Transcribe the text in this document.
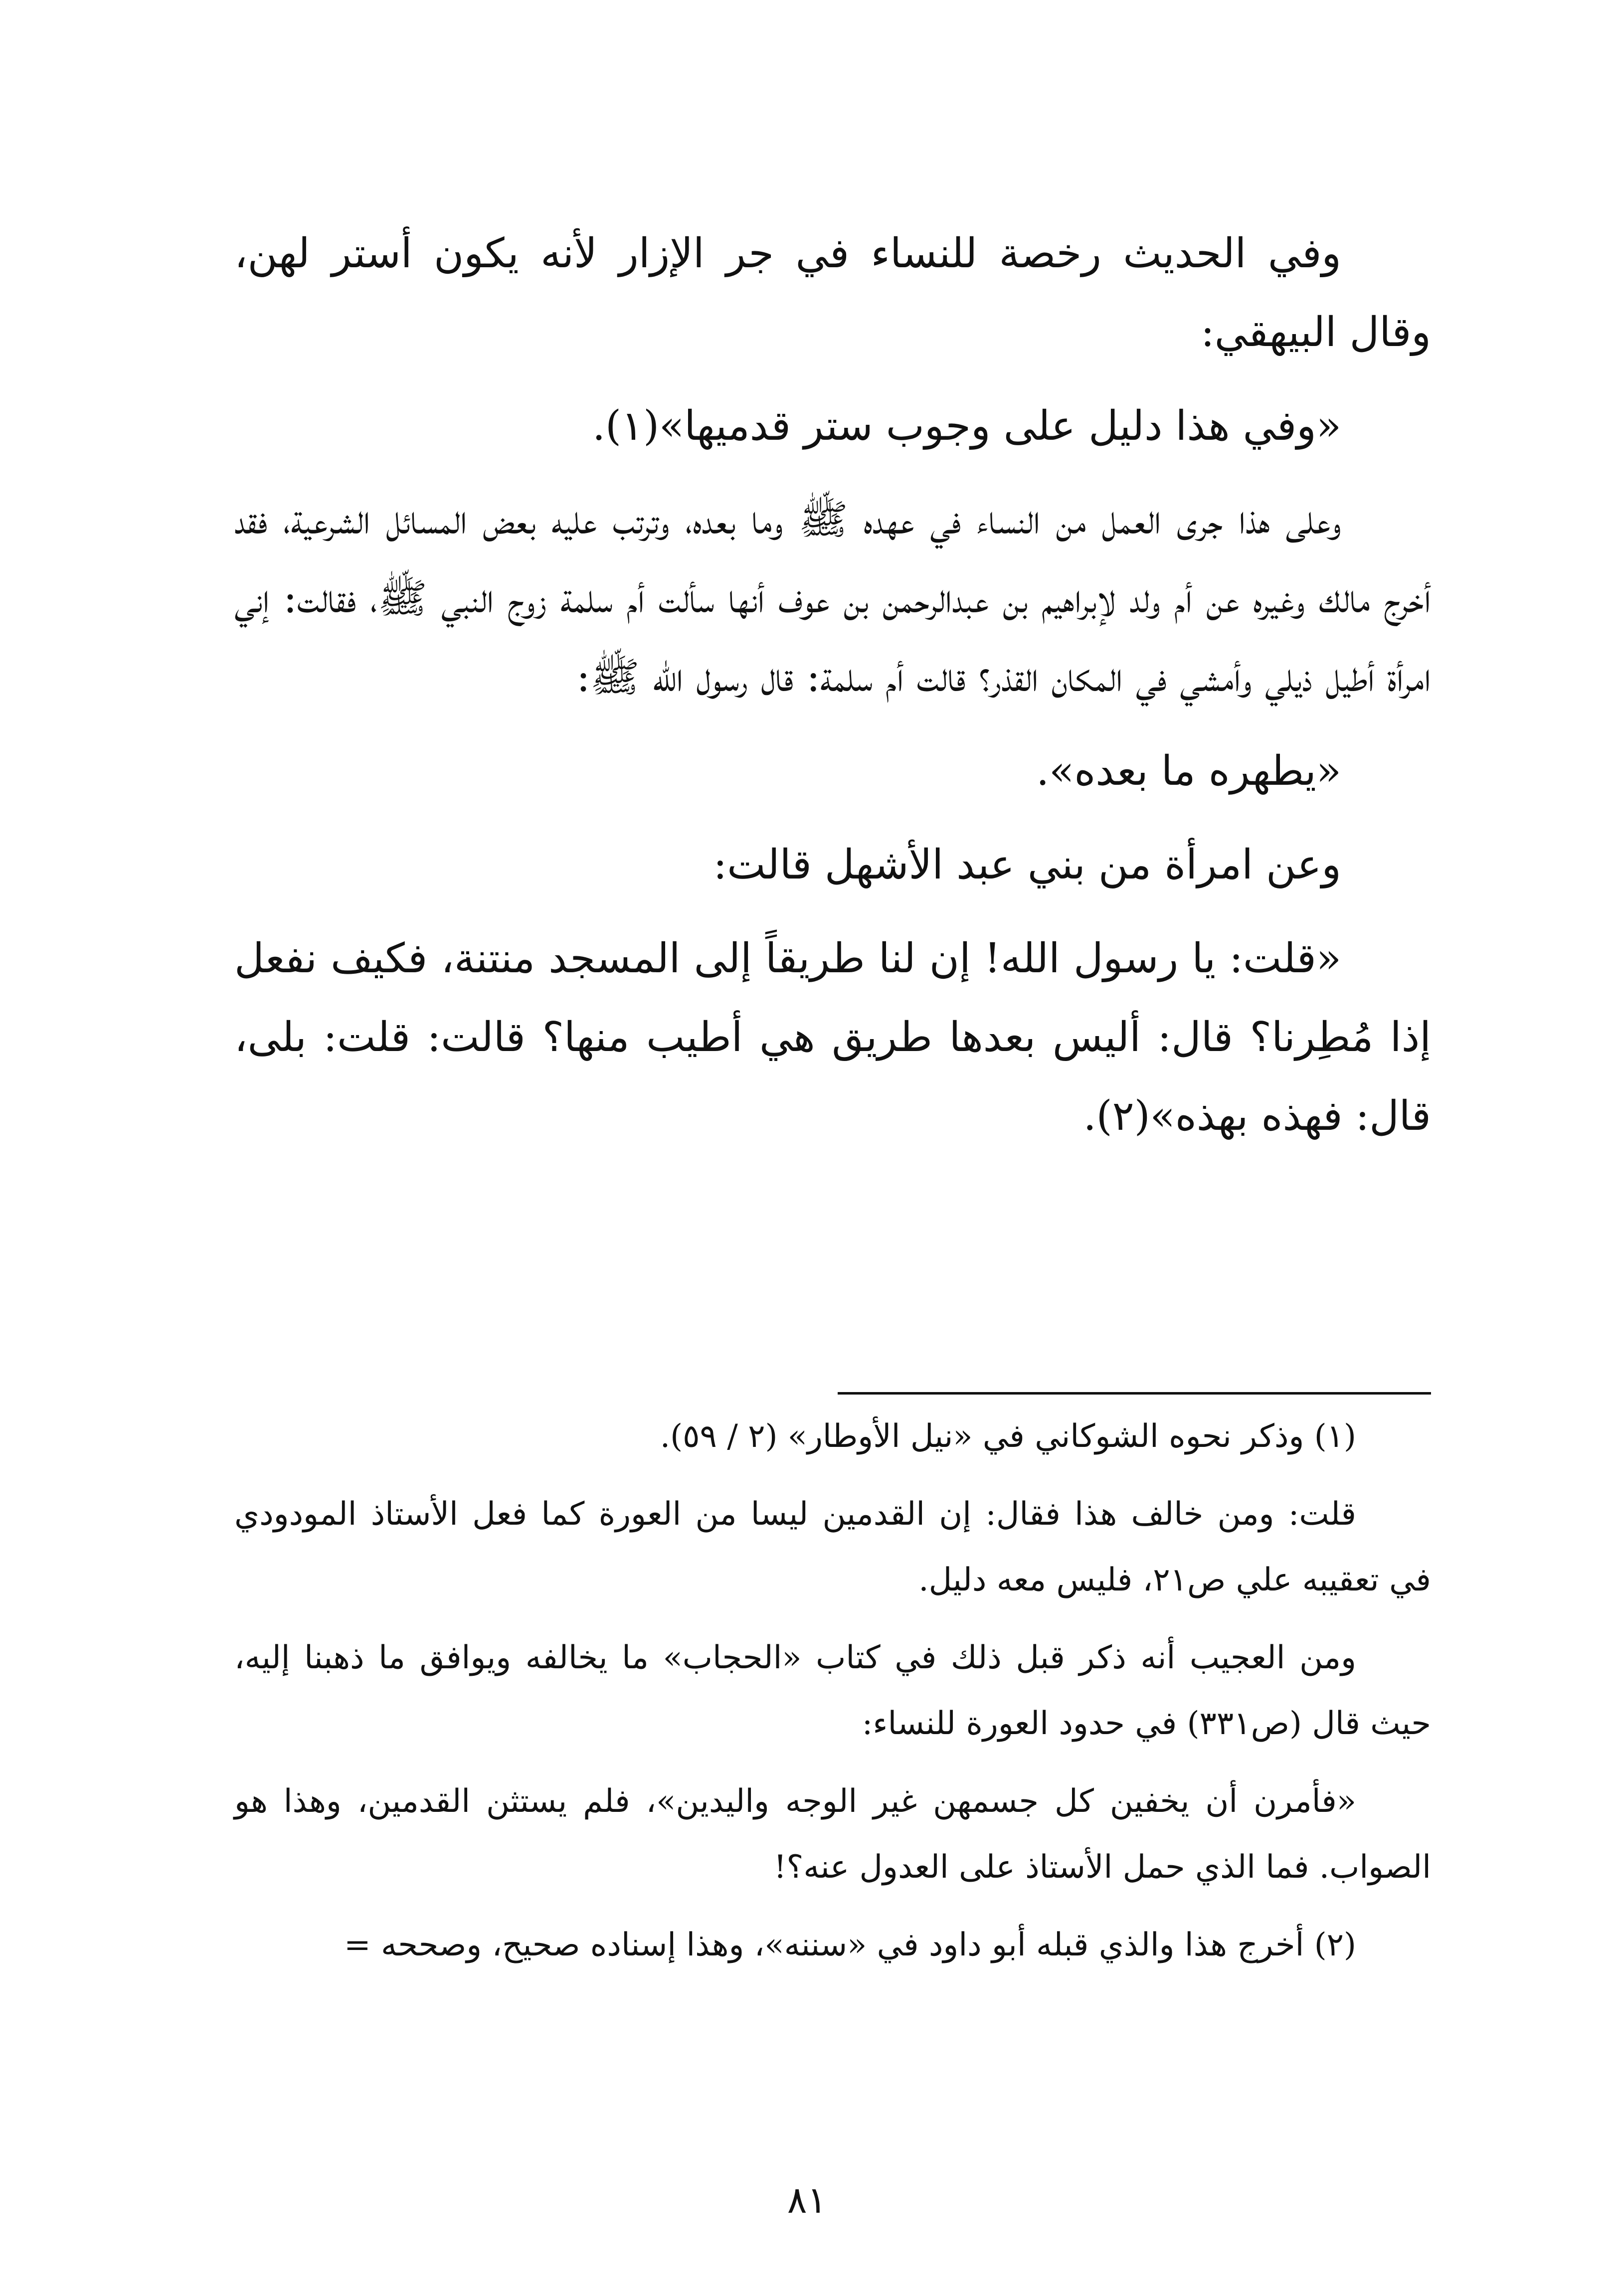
وفي الحديث رخصة للنساء في جر الإزار لأنه يكون أستر لهن، وقال البيهقي:

«وفي هذا دليل على وجوب ستر قدميها»(١).

وعلى هذا جرى العمل من النساء في عهده ﷺ وما بعده، وترتب عليه بعض المسائل الشرعية، فقد أخرج مالك وغيره عن أم ولد لإبراهيم بن عبدالرحمن بن عوف أنها سألت أم سلمة زوج النبي ﷺ، فقالت: إني امرأة أطيل ذيلي وأمشي في المكان القذر؟ قالت أم سلمة: قال رسول الله ﷺ:

«يطهره ما بعده».

وعن امرأة من بني عبد الأشهل قالت:

«قلت: يا رسول الله! إن لنا طريقاً إلى المسجد منتنة، فكيف نفعل إذا مُطِرنا؟ قال: أليس بعدها طريق هي أطيب منها؟ قالت: قلت: بلى، قال: فهذه بهذه»(٢).

(١) وذكر نحوه الشوكاني في «نيل الأوطار» (٢ / ٥٩).

قلت: ومن خالف هذا فقال: إن القدمين ليسا من العورة كما فعل الأستاذ المودودي في تعقيبه علي ص٢١، فليس معه دليل.

ومن العجيب أنه ذكر قبل ذلك في كتاب «الحجاب» ما يخالفه ويوافق ما ذهبنا إليه، حيث قال (ص٣٣١) في حدود العورة للنساء:

«فأمرن أن يخفين كل جسمهن غير الوجه واليدين»، فلم يستثن القدمين، وهذا هو الصواب. فما الذي حمل الأستاذ على العدول عنه؟!

(٢) أخرج هذا والذي قبله أبو داود في «سننه»، وهذا إسناده صحيح، وصححه =

٨١
